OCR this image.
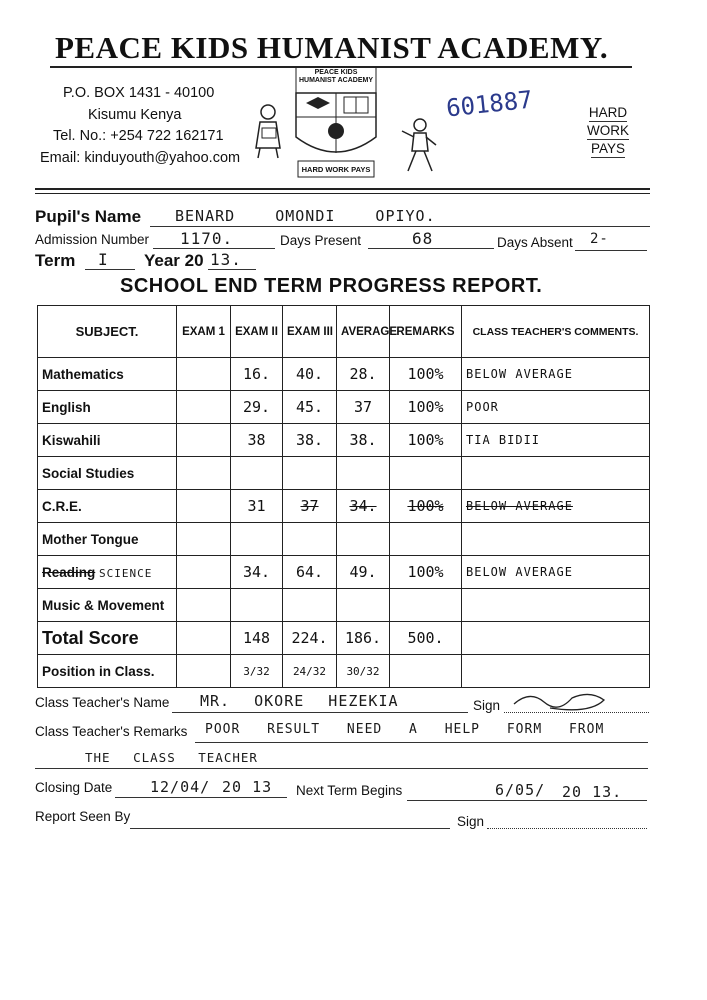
PEACE KIDS HUMANIST ACADEMY.
P.O. BOX 1431 - 40100
Kisumu Kenya
Tel. No.: +254 722 162171
Email: kinduyouth@yahoo.com
PEACE KIDS HUMANIST ACADEMY
HARD WORK PAYS
601887	HARD
WORK
PAYS
Pupil's Name BENARD OMONDI OPIYO.
Admission Number 1170.	Days Present	68	Days Absent 2-
Term I Year 20 13.
SCHOOL END TERM PROGRESS REPORT.
SUBJECT.	EXAM 1	EXAM II	EXAM III	AVERAGE	REMARKS	CLASS TEACHER'S COMMENTS.
Mathematics		16.	40.	28.	100%	BELOW AVERAGE
English		29.	45.	37	100%	POOR
Kiswahili		38	38.	38.	100%	TIA BIDII
Social Studies						
C.R.E.		31	37	34.	100%	BELOW AVERAGE
Mother Tongue						
Reading SCIENCE		34.	64.	49.	100%	BELOW AVERAGE
Music & Movement						
Total Score		148	224.	186.	500.	
Position in Class.		3/32	24/32	30/32		
Class Teacher's Name MR. OKORE HEZEKIA	Sign
Class Teacher's Remarks POOR RESULT NEED A HELP FORM FROM
THE CLASS TEACHER
Closing Date	12/04/ 20 13 Next Term Begins	6/05/ 20 13.
Report Seen By	Sign
